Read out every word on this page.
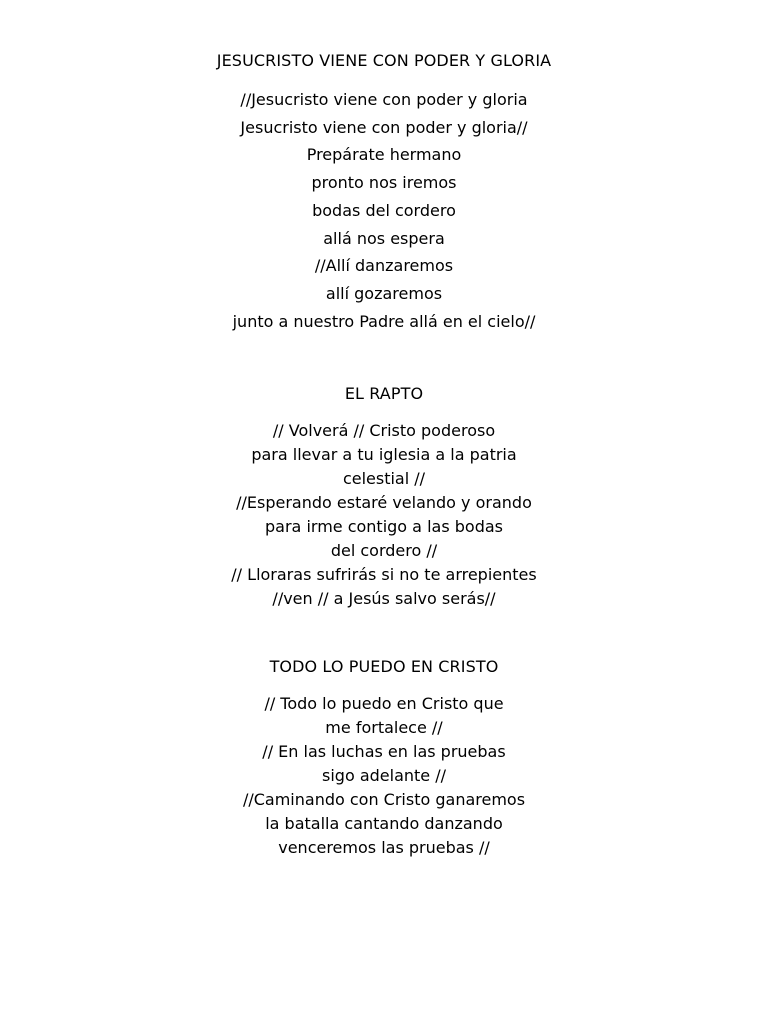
JESUCRISTO VIENE CON PODER Y GLORIA
//Jesucristo viene con poder y gloria
Jesucristo viene con poder y gloria//
Prepárate hermano
pronto nos iremos
bodas del cordero
allá nos espera
//Allí danzaremos
allí gozaremos
junto a nuestro Padre allá en el cielo//
EL RAPTO
// Volverá // Cristo poderoso
para llevar a tu iglesia a la patria
celestial //
//Esperando estaré velando y orando
para irme contigo a las bodas
del cordero //
// Lloraras sufrirás si no te arrepientes
//ven // a Jesús salvo serás//
TODO LO PUEDO EN CRISTO
// Todo lo puedo en Cristo que
me fortalece //
// En las luchas en las pruebas
sigo adelante //
//Caminando con Cristo ganaremos
la batalla cantando danzando
venceremos las pruebas //
